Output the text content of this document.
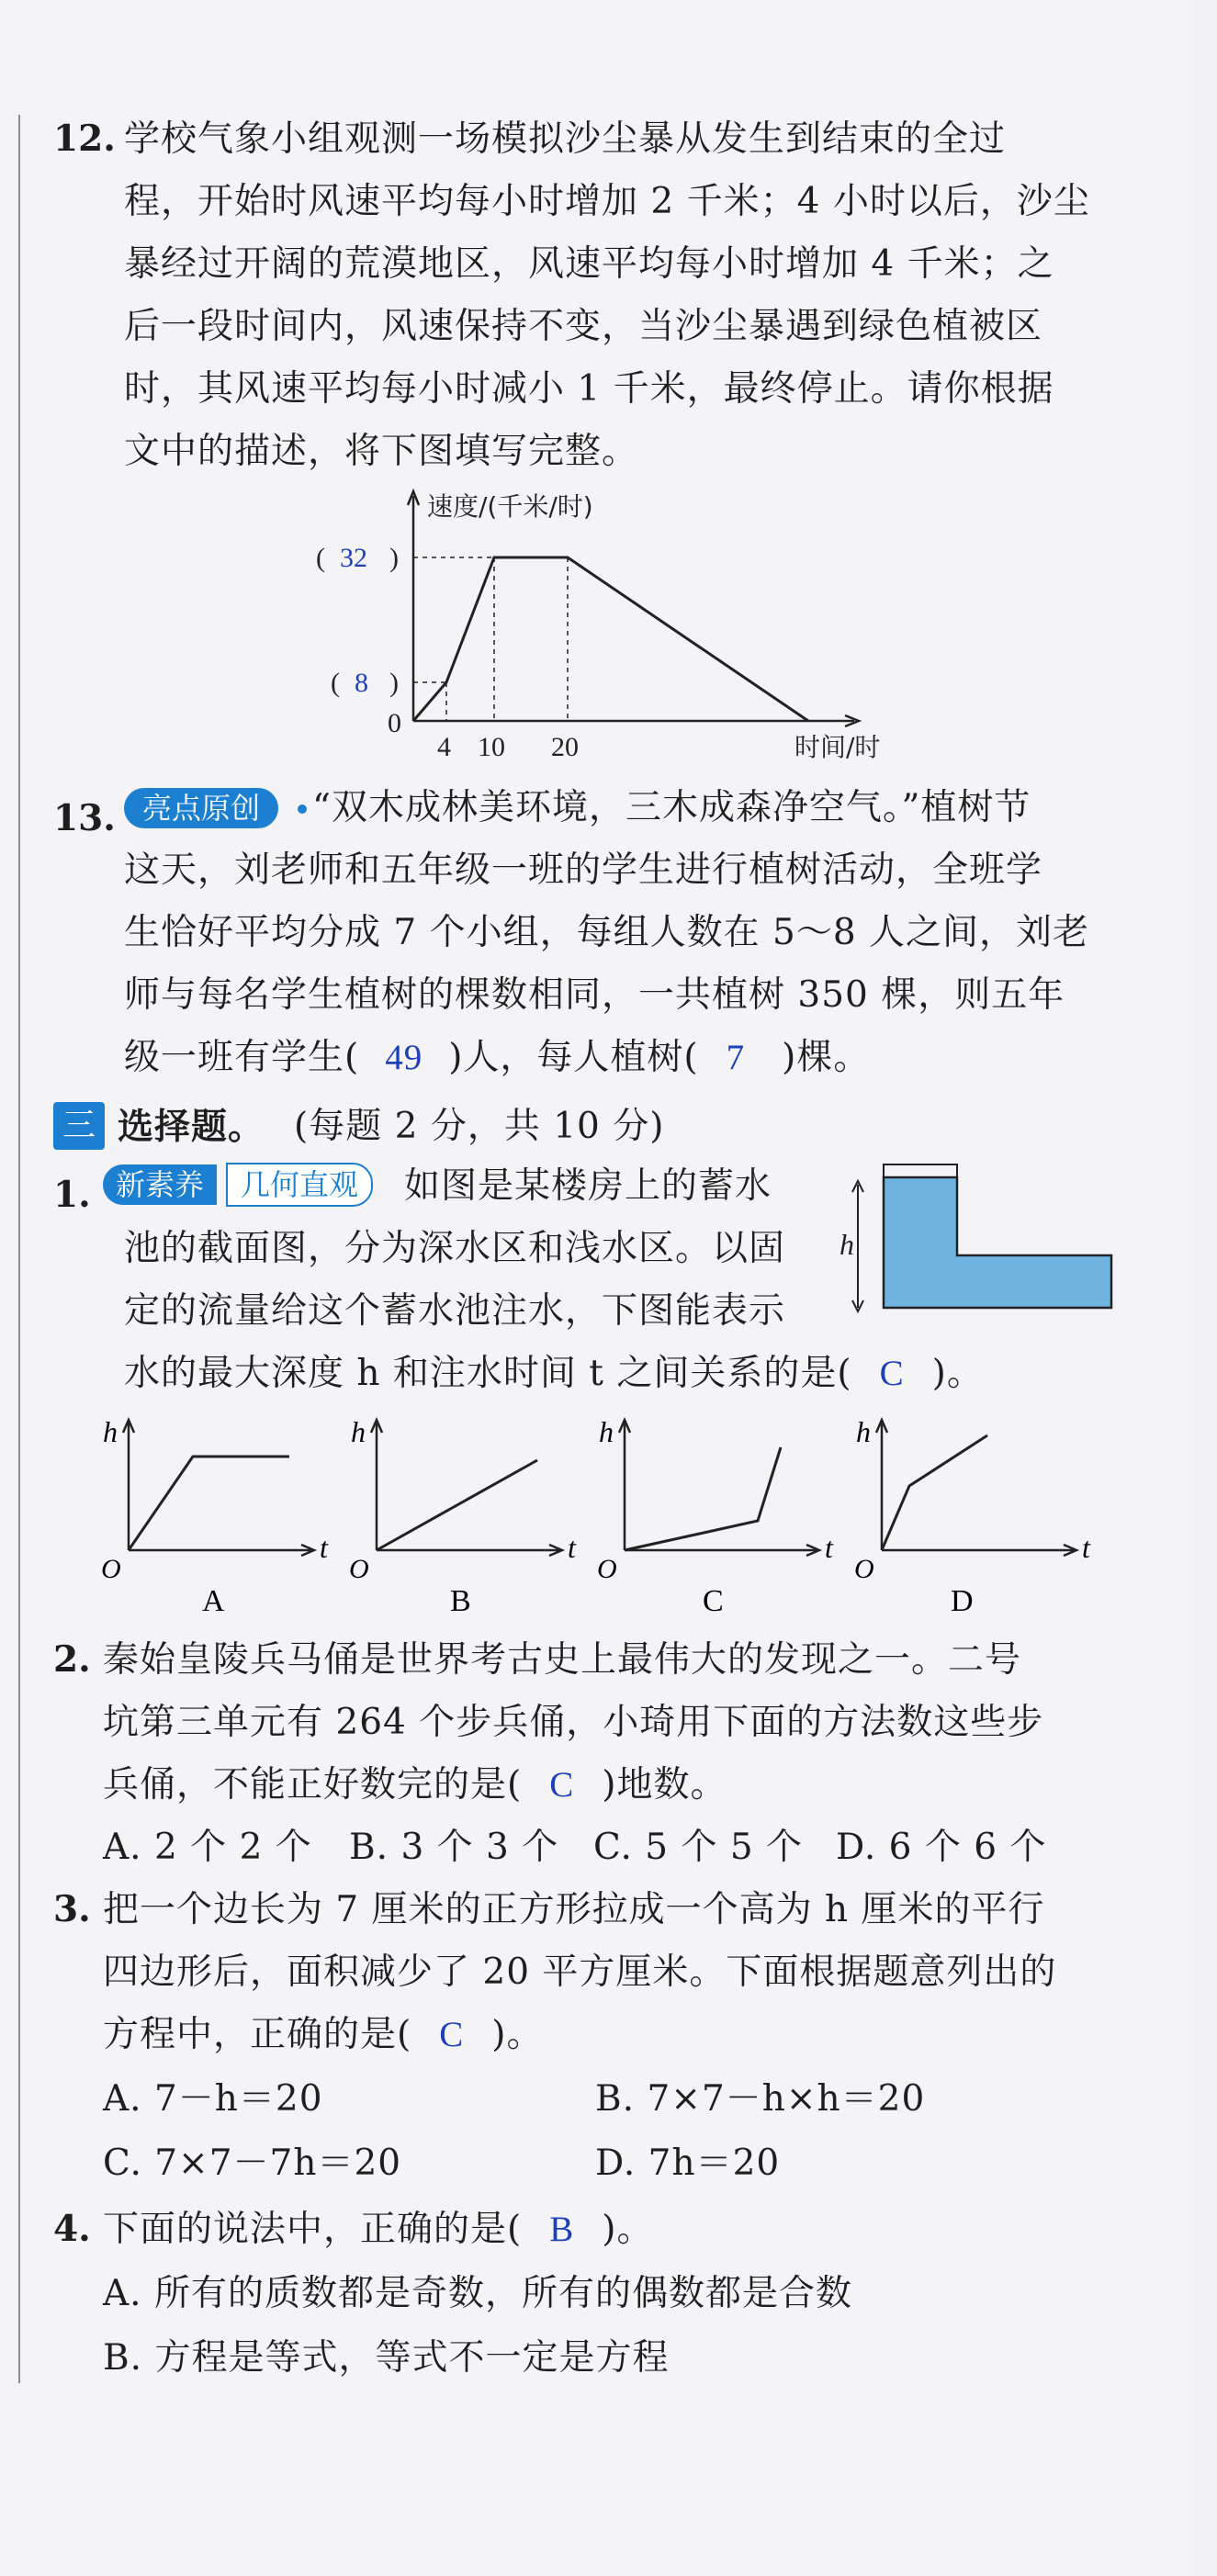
12. 学校气象小组观测一场模拟沙尘暴从发生到结束的全过
程，开始时风速平均每小时增加 2 千米；4 小时以后，沙尘
暴经过开阔的荒漠地区，风速平均每小时增加 4 千米；之
后一段时间内，风速保持不变，当沙尘暴遇到绿色植被区
时，其风速平均每小时减小 1 千米，最终停止。请你根据
文中的描述，将下图填写完整。
速度/(千米/时)
时间/时
0
4 10 20
( 32 )
( 8 )
13. 亮点原创	“双木成林美环境，三木成森净空气。”植树节
这天，刘老师和五年级一班的学生进行植树活动，全班学
生恰好平均分成 7 个小组，每组人数在 5～8 人之间，刘老
师与每名学生植树的棵数相同，一共植树 350 棵，则五年
级一班有学生( 49 )人，每人植树( 7 )棵。
三 选择题。 (每题 2 分，共 10 分)
1. 新素养	几何直观	如图是某楼房上的蓄水
池的截面图，分为深水区和浅水区。以固
定的流量给这个蓄水池注水，下图能表示
水的最大深度 h 和注水时间 t 之间关系的是( C )。
h
h
t
O
A
h
t
O
B
h
t
O
C
h
t
O
D
2. 秦始皇陵兵马俑是世界考古史上最伟大的发现之一。二号
坑第三单元有 264 个步兵俑，小琦用下面的方法数这些步
兵俑，不能正好数完的是( C )地数。
A. 2 个 2 个 B. 3 个 3 个 C. 5 个 5 个 D. 6 个 6 个
3. 把一个边长为 7 厘米的正方形拉成一个高为 h 厘米的平行
四边形后，面积减少了 20 平方厘米。下面根据题意列出的
方程中，正确的是( C )。
A. 7－h＝20	B. 7×7－h×h＝20
C. 7×7－7h＝20	D. 7h＝20
4. 下面的说法中，正确的是( B )。
A. 所有的质数都是奇数，所有的偶数都是合数
B. 方程是等式，等式不一定是方程
